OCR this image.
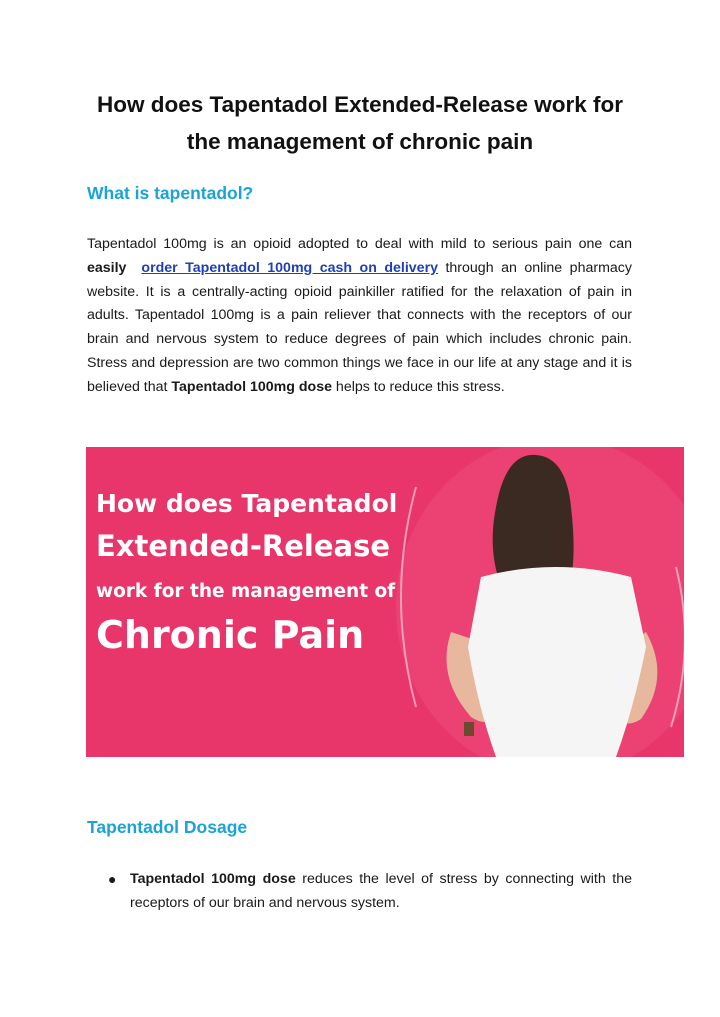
How does Tapentadol Extended-Release work for
the management of chronic pain
What is tapentadol?
Tapentadol 100mg is an opioid adopted to deal with mild to serious pain one can easily order Tapentadol 100mg cash on delivery through an online pharmacy website. It is a centrally-acting opioid painkiller ratified for the relaxation of pain in adults. Tapentadol 100mg is a pain reliever that connects with the receptors of our brain and nervous system to reduce degrees of pain which includes chronic pain. Stress and depression are two common things we face in our life at any stage and it is believed that Tapentadol 100mg dose helps to reduce this stress.
How does Tapentadol
Extended-Release
work for the management of
Chronic Pain
Tapentadol Dosage
● Tapentadol 100mg dose reduces the level of stress by connecting with the receptors of our brain and nervous system.
